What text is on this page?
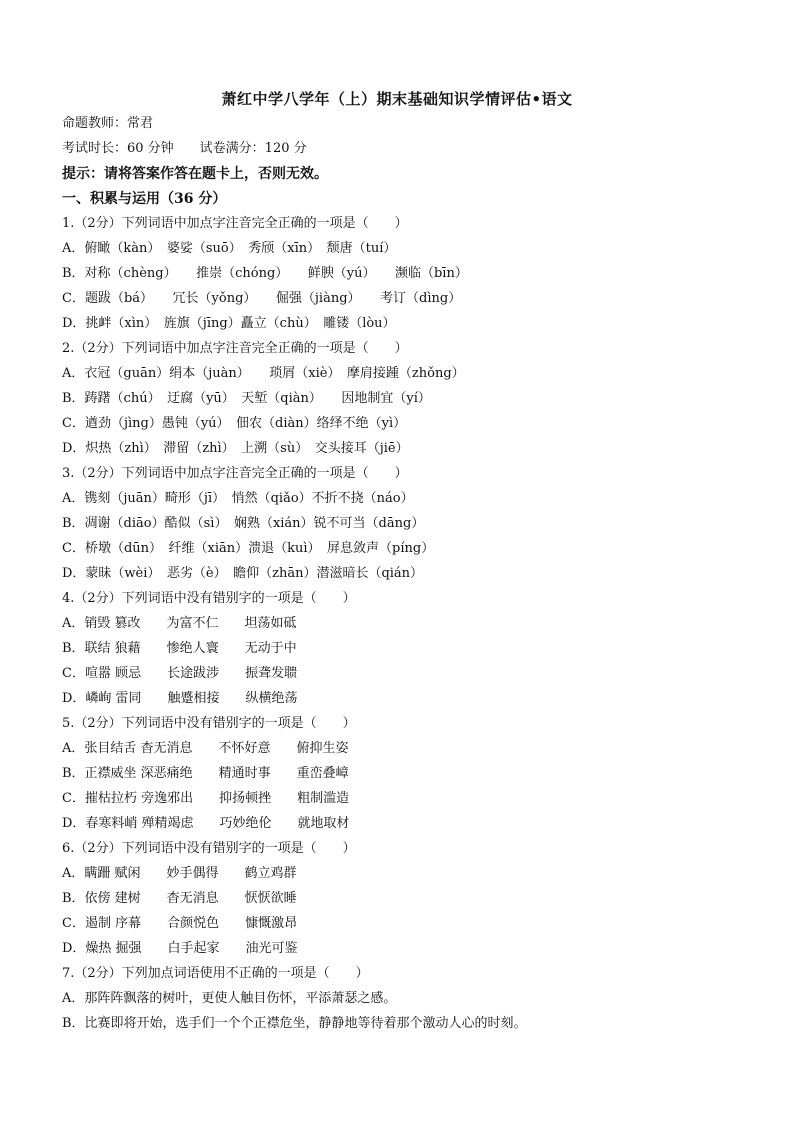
萧红中学八学年（上）期末基础知识学情评估•语文
命题教师：常君
考试时长：60 分钟　　试卷满分：120 分
提示：请将答案作答在题卡上，否则无效。
一、积累与运用（36 分）
1.（2分）下列词语中加点字注音完全正确的一项是（　　）
A．俯瞰（kàn）　婆娑（suō）　秀颀（xīn）　颓唐（tuí）
B．对称（chèng）　　推崇（chóng）　　鲜腴（yú）　　濒临（bīn）
C．题跋（bá）　　冗长（yǒng）　　倔强（jiàng）　　考订（dìng）
D．挑衅（xìn）　旌旗（jīng）矗立（chù）　雕镂（lòu）
2.（2分）下列词语中加点字注音完全正确的一项是（　　）
A．衣冠（guān）绢本（juàn）　　琐屑（xiè）　摩肩接踵（zhǒng）
B．踌躇（chú）　迂腐（yū）　天堑（qiàn）　　因地制宜（yí）
C．遒劲（jìng）愚钝（yú）　佃农（diàn）络绎不绝（yì）
D．炽热（zhì）　滞留（zhì）　上溯（sù）　交头接耳（jiē）
3.（2分）下列词语中加点字注音完全正确的一项是（　　）
A．镌刻（juān）畸形（jī）　悄然（qiǎo）不折不挠（náo）
B．凋谢（diāo）酷似（sì）　娴熟（xián）锐不可当（dāng）
C．桥墩（dūn）　纤维（xiān）溃退（kuì）　屏息敛声（píng）
D．蒙昧（wèi）　恶劣（è）　瞻仰（zhān）潜滋暗长（qián）
4.（2分）下列词语中没有错别字的一项是（　　）
A．销毁 篡改　　为富不仁　　坦荡如砥
B．联结 狼藉　　惨绝人寰　　无动于中
C．喧嚣 顾忌　　长途跋涉　　振聋发聩
D．嶙峋 雷同　　触蹙相接　　纵横绝荡
5.（2分）下列词语中没有错别字的一项是（　　）
A．张目结舌 杳无消息　　不怀好意　　俯抑生姿
B．正襟威坐 深恶痛绝　　精通时事　　重峦叠嶂
C．摧枯拉朽 旁逸邪出　　抑扬顿挫　　粗制滥造
D．春寒料峭 殚精竭虑　　巧妙绝伦　　就地取材
6.（2分）下列词语中没有错别字的一项是（　　）
A．瞒跚 赋闲　　妙手偶得　　鹤立鸡群
B．依傍 建树　　杳无消息　　恹恹欲睡
C．遏制 序幕　　合颜悦色　　慷慨激昂
D．燥热 掘强　　白手起家　　油光可鉴
7.（2分）下列加点词语使用不正确的一项是（　　）
A．那阵阵飘落的树叶，更使人触目伤怀，平添萧瑟之感。
B．比赛即将开始，选手们一个个正襟危坐，静静地等待着那个激动人心的时刻。
